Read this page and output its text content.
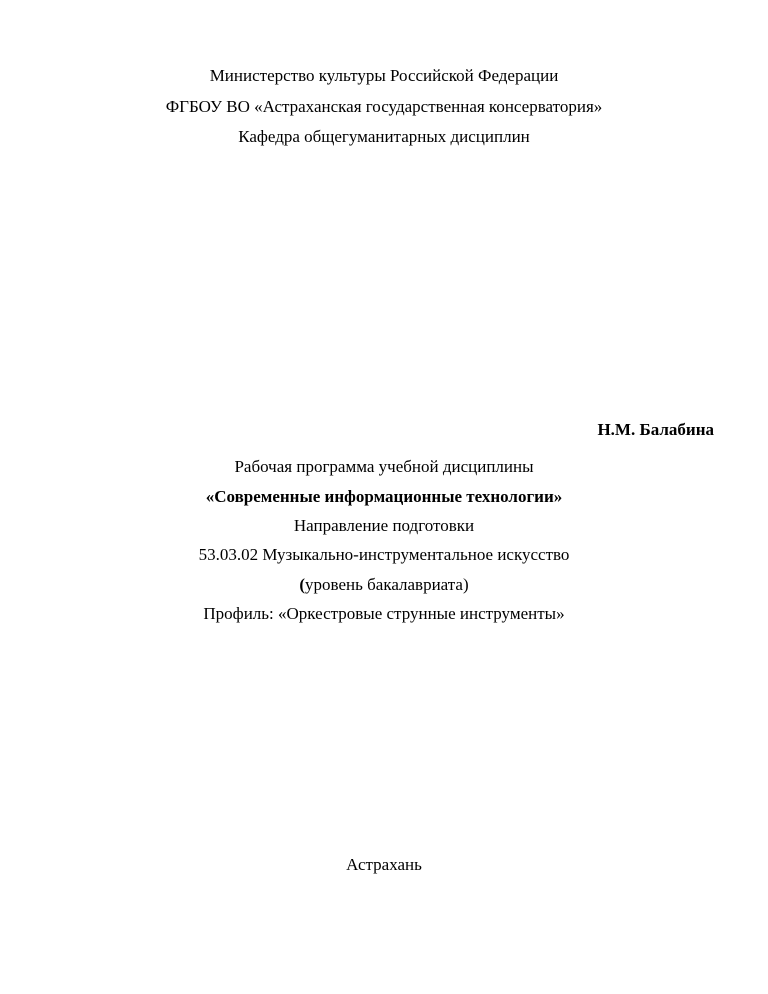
Министерство культуры Российской Федерации
ФГБОУ ВО «Астраханская государственная консерватория»
Кафедра общегуманитарных дисциплин
Н.М. Балабина
Рабочая программа учебной дисциплины
«Современные информационные технологии»
Направление подготовки
53.03.02 Музыкально-инструментальное искусство
(уровень бакалавриата)
Профиль: «Оркестровые струнные инструменты»
Астрахань
